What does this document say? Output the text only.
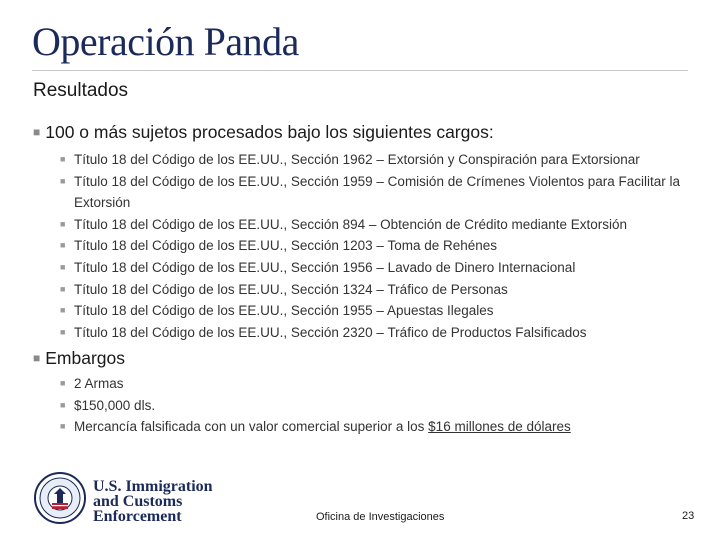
Operación Panda
Resultados
■ 100 o más sujetos procesados bajo los siguientes cargos:
■ Título 18 del Código de los EE.UU., Sección 1962 – Extorsión y Conspiración para Extorsionar
■ Título 18 del Código de los EE.UU., Sección 1959 – Comisión de Crímenes Violentos para Facilitar la Extorsión
■ Título 18 del Código de los EE.UU., Sección 894 – Obtención de Crédito mediante Extorsión
■ Título 18 del Código de los EE.UU., Sección 1203 – Toma de Rehénes
■ Título 18 del Código de los EE.UU., Sección 1956 – Lavado de Dinero Internacional
■ Título 18 del Código de los EE.UU., Sección 1324 – Tráfico de Personas
■ Título 18 del Código de los EE.UU., Sección 1955 – Apuestas Ilegales
■ Título 18 del Código de los EE.UU., Sección 2320 – Tráfico de Productos Falsificados
■ Embargos
■ 2 Armas
■ $150,000 dls.
■ Mercancía falsificada con un valor comercial superior a los $16 millones de dólares
U.S. Immigration
and Customs
Enforcement	Oficina de Investigaciones	23
